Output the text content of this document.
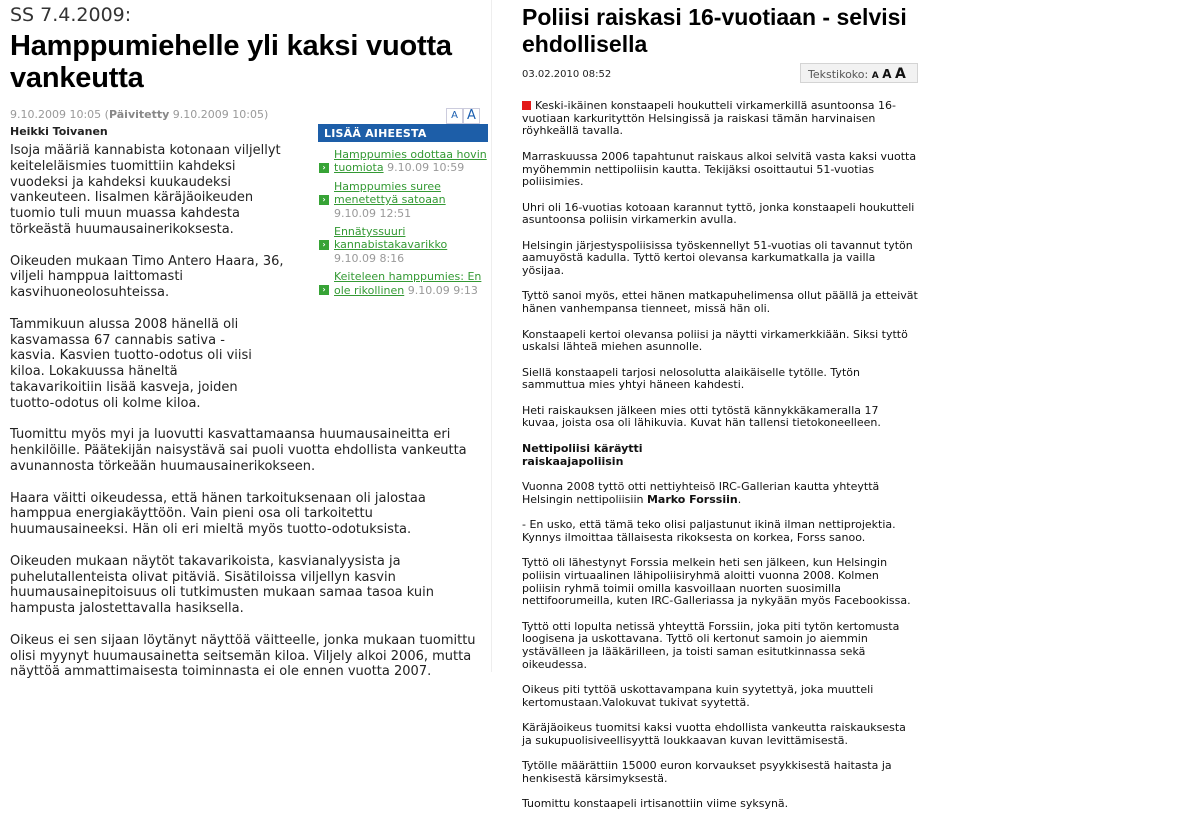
SS 7.4.2009:
Hamppumiehelle yli kaksi vuotta vankeutta
9.10.2009 10:05 (Päivitetty 9.10.2009 10:05)	A A
Heikki Toivanen	LISÄÄ AIHEESTA
›
Hamppumies odottaa hovin tuomiota 9.10.09 10:59
›
Hamppumies suree menetettyä satoaan 9.10.09 12:51
›
Ennätyssuuri kannabistakavarikko 9.10.09 8:16
›
Keiteleen hamppumies: En ole rikollinen 9.10.09 9:13

Isoja määriä kannabista kotonaan viljellyt keiteleläismies tuomittiin kahdeksi vuodeksi ja kahdeksi kuukaudeksi vankeuteen. Iisalmen käräjäoikeuden tuomio tuli muun muassa kahdesta törkeästä huumausainerikoksesta.

Oikeuden mukaan Timo Antero Haara, 36, viljeli hamppua laittomasti kasvihuoneolosuhteissa.

Tammikuun alussa 2008 hänellä oli kasvamassa 67 cannabis sativa -kasvia. Kasvien tuotto-odotus oli viisi kiloa. Lokakuussa häneltä takavarikoitiin lisää kasveja, joiden tuotto-odotus oli kolme kiloa.

Tuomittu myös myi ja luovutti kasvattamaansa huumausaineitta eri henkilöille. Päätekijän naisystävä sai puoli vuotta ehdollista vankeutta avunannosta törkeään huumausainerikokseen.

Haara väitti oikeudessa, että hänen tarkoituksenaan oli jalostaa hamppua energiakäyttöön. Vain pieni osa oli tarkoitettu huumausaineeksi. Hän oli eri mieltä myös tuotto-odotuksista.

Oikeuden mukaan näytöt takavarikoista, kasvianalyysista ja puhelutallenteista olivat pitäviä. Sisätiloissa viljellyn kasvin huumausainepitoisuus oli tutkimusten mukaan samaa tasoa kuin hampusta jalostettavalla hasiksella.

Oikeus ei sen sijaan löytänyt näyttöä väitteelle, jonka mukaan tuomittu olisi myynyt huumausainetta seitsemän kiloa. Viljely alkoi 2006, mutta näyttöä ammattimaisesta toiminnasta ei ole ennen vuotta 2007.

Poliisi raiskasi 16-vuotiaan - selvisi ehdollisella
03.02.2010 08:52	Tekstikoko: A A A

Keski-ikäinen konstaapeli houkutteli virkamerkillä asuntoonsa 16-vuotiaan karkurityttön Helsingissä ja raiskasi tämän harvinaisen röyhkeällä tavalla.

Marraskuussa 2006 tapahtunut raiskaus alkoi selvitä vasta kaksi vuotta myöhemmin nettipoliisin kautta. Tekijäksi osoittautui 51-vuotias poliisimies.

Uhri oli 16-vuotias kotoaan karannut tyttö, jonka konstaapeli houkutteli asuntoonsa poliisin virkamerkin avulla.

Helsingin järjestyspoliisissa työskennellyt 51-vuotias oli tavannut tytön aamuyöstä kadulla. Tyttö kertoi olevansa karkumatkalla ja vailla yösijaa.

Tyttö sanoi myös, ettei hänen matkapuhelimensa ollut päällä ja etteivät hänen vanhempansa tienneet, missä hän oli.

Konstaapeli kertoi olevansa poliisi ja näytti virkamerkkiään. Siksi tyttö uskalsi lähteä miehen asunnolle.

Siellä konstaapeli tarjosi nelosolutta alaikäiselle tytölle. Tytön sammuttua mies yhtyi häneen kahdesti.

Heti raiskauksen jälkeen mies otti tytöstä kännykkäkameralla 17 kuvaa, joista osa oli lähikuvia. Kuvat hän tallensi tietokoneelleen.

Nettipoliisi käräytti
raiskaajapoliisin

Vuonna 2008 tyttö otti nettiyhteisö IRC-Gallerian kautta yhteyttä Helsingin nettipoliisiin Marko Forssiin.

- En usko, että tämä teko olisi paljastunut ikinä ilman nettiprojektia. Kynnys ilmoittaa tällaisesta rikoksesta on korkea, Forss sanoo.

Tyttö oli lähestynyt Forssia melkein heti sen jälkeen, kun Helsingin poliisin virtuaalinen lähipoliisiryhmä aloitti vuonna 2008. Kolmen poliisin ryhmä toimii omilla kasvoillaan nuorten suosimilla nettifoorumeilla, kuten IRC-Galleriassa ja nykyään myös Facebookissa.

Tyttö otti lopulta netissä yhteyttä Forssiin, joka piti tytön kertomusta loogisena ja uskottavana. Tyttö oli kertonut samoin jo aiemmin ystävälleen ja lääkärilleen, ja toisti saman esitutkinnassa sekä oikeudessa.

Oikeus piti tyttöä uskottavampana kuin syytettyä, joka muutteli kertomustaan.Valokuvat tukivat syytettä.

Käräjäoikeus tuomitsi kaksi vuotta ehdollista vankeutta raiskauksesta ja sukupuolisiveellisyyttä loukkaavan kuvan levittämisestä.

Tytölle määrättiin 15000 euron korvaukset psyykkisestä haitasta ja henkisestä kärsimyksestä.

Tuomittu konstaapeli irtisanottiin viime syksynä.
